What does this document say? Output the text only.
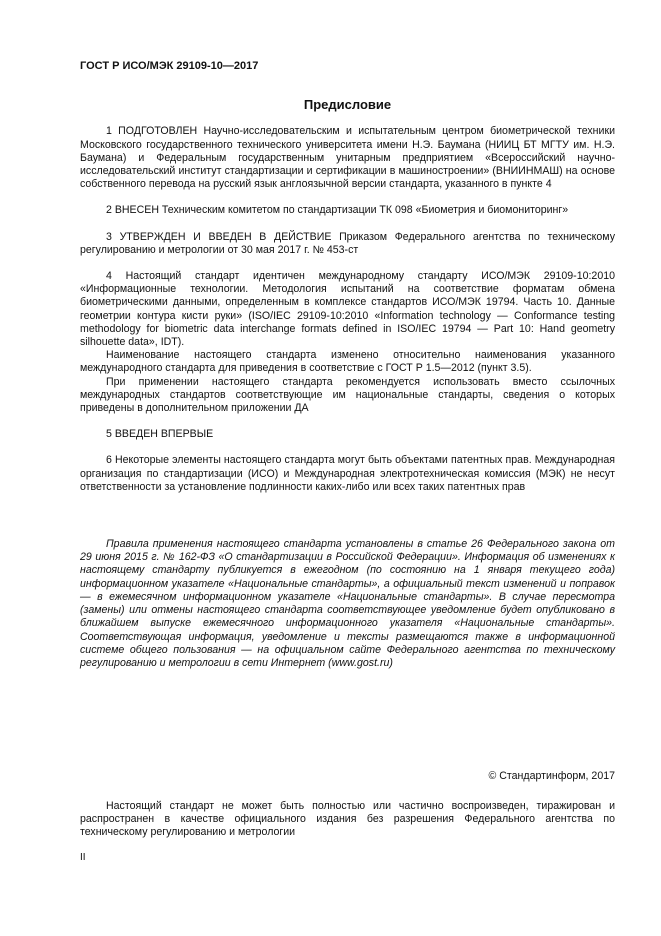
ГОСТ Р ИСО/МЭК 29109-10—2017

Предисловие

1 ПОДГОТОВЛЕН Научно-исследовательским и испытательным центром биометрической техники Московского государственного технического университета имени Н.Э. Баумана (НИИЦ БТ МГТУ им. Н.Э. Баумана) и Федеральным государственным унитарным предприятием «Всероссийский научно-исследовательский институт стандартизации и сертификации в машиностроении» (ВНИИНМАШ) на основе собственного перевода на русский язык англоязычной версии стандарта, указанного в пункте 4

2 ВНЕСЕН Техническим комитетом по стандартизации ТК 098 «Биометрия и биомониторинг»

3 УТВЕРЖДЕН И ВВЕДЕН В ДЕЙСТВИЕ Приказом Федерального агентства по техническому регулированию и метрологии от 30 мая 2017 г. № 453-ст

4 Настоящий стандарт идентичен международному стандарту ИСО/МЭК 29109-10:2010 «Информационные технологии. Методология испытаний на соответствие форматам обмена биометрическими данными, определенным в комплексе стандартов ИСО/МЭК 19794. Часть 10. Данные геометрии контура кисти руки» (ISO/IEC 29109-10:2010 «Information technology — Conformance testing methodology for biometric data interchange formats defined in ISO/IEC 19794 — Part 10: Hand geometry silhouette data», IDT).

Наименование настоящего стандарта изменено относительно наименования указанного международного стандарта для приведения в соответствие с ГОСТ Р 1.5—2012 (пункт 3.5).

При применении настоящего стандарта рекомендуется использовать вместо ссылочных международных стандартов соответствующие им национальные стандарты, сведения о которых приведены в дополнительном приложении ДА

5 ВВЕДЕН ВПЕРВЫЕ

6 Некоторые элементы настоящего стандарта могут быть объектами патентных прав. Международная организация по стандартизации (ИСО) и Международная электротехническая комиссия (МЭК) не несут ответственности за установление подлинности каких-либо или всех таких патентных прав

Правила применения настоящего стандарта установлены в статье 26 Федерального закона от 29 июня 2015 г. № 162-ФЗ «О стандартизации в Российской Федерации». Информация об изменениях к настоящему стандарту публикуется в ежегодном (по состоянию на 1 января текущего года) информационном указателе «Национальные стандарты», а официальный текст изменений и поправок — в ежемесячном информационном указателе «Национальные стандарты». В случае пересмотра (замены) или отмены настоящего стандарта соответствующее уведомление будет опубликовано в ближайшем выпуске ежемесячного информационного указателя «Национальные стандарты». Соответствующая информация, уведомление и тексты размещаются также в информационной системе общего пользования — на официальном сайте Федерального агентства по техническому регулированию и метрологии в сети Интернет (www.gost.ru)

© Стандартинформ, 2017

Настоящий стандарт не может быть полностью или частично воспроизведен, тиражирован и распространен в качестве официального издания без разрешения Федерального агентства по техническому регулированию и метрологии

II
